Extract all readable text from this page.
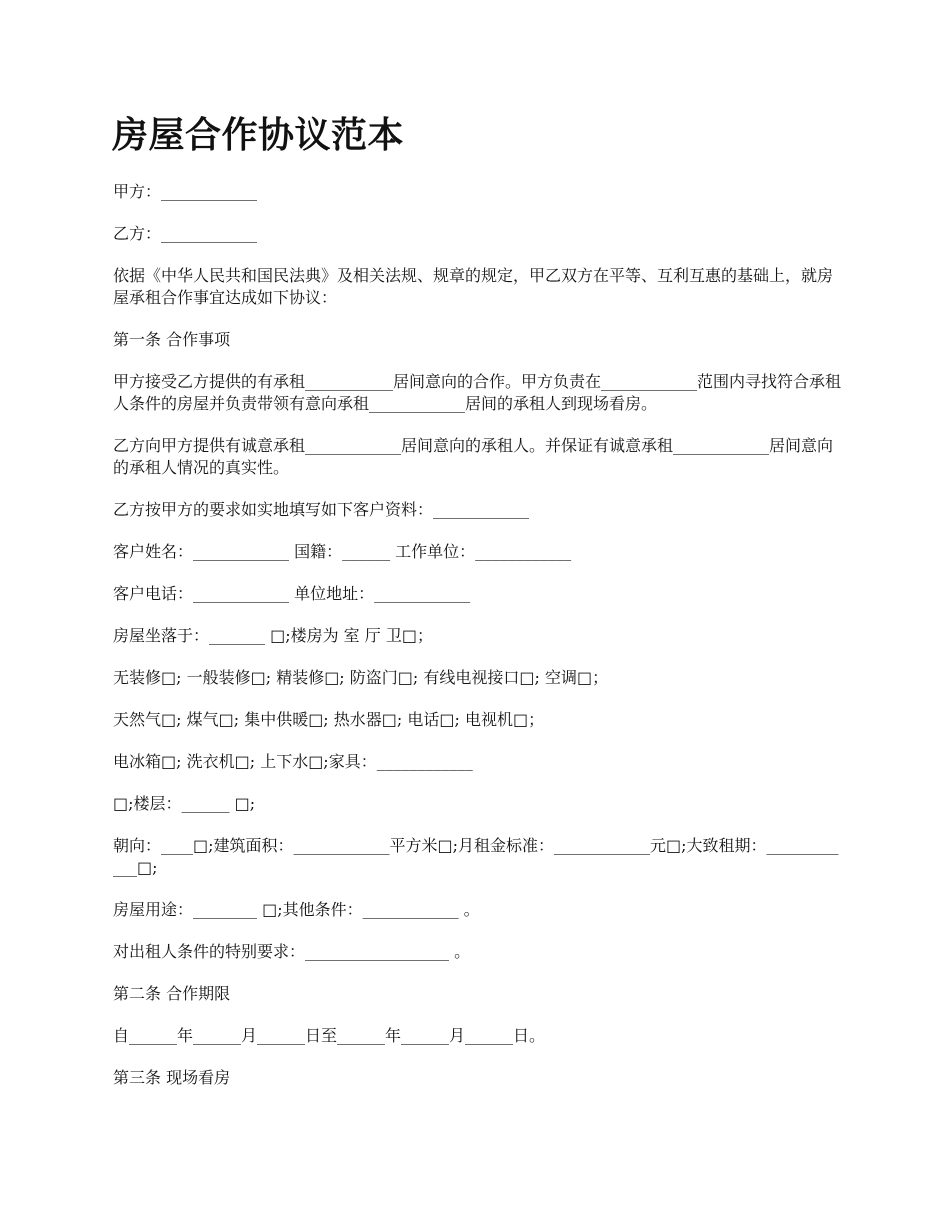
房屋合作协议范本

甲方：____________

乙方：____________

依据《中华人民共和国民法典》及相关法规、规章的规定，甲乙双方在平等、互利互惠的基础上，就房屋承租合作事宜达成如下协议：

第一条 合作事项

甲方接受乙方提供的有承租___________居间意向的合作。甲方负责在____________范围内寻找符合承租人条件的房屋并负责带领有意向承租____________居间的承租人到现场看房。

乙方向甲方提供有诚意承租____________居间意向的承租人。并保证有诚意承租____________居间意向的承租人情况的真实性。

乙方按甲方的要求如实地填写如下客户资料：____________

客户姓名：____________ 国籍：______ 工作单位：____________

客户电话：____________ 单位地址：____________

房屋坐落于：_______ □;楼房为 室 厅 卫□；

无装修□; 一般装修□; 精装修□; 防盗门□; 有线电视接口□; 空调□；

天然气□; 煤气□; 集中供暖□; 热水器□; 电话□; 电视机□；

电冰箱□; 洗衣机□; 上下水□;家具：____________

□;楼层：______ □;

朝向：____□;建筑面积：____________平方米□;月租金标准：____________元□;大致租期：____________□;

房屋用途：________ □;其他条件：____________ 。

对出租人条件的特别要求：__________________ 。

第二条 合作期限

自______年______月______日至______年______月______日。

第三条 现场看房
